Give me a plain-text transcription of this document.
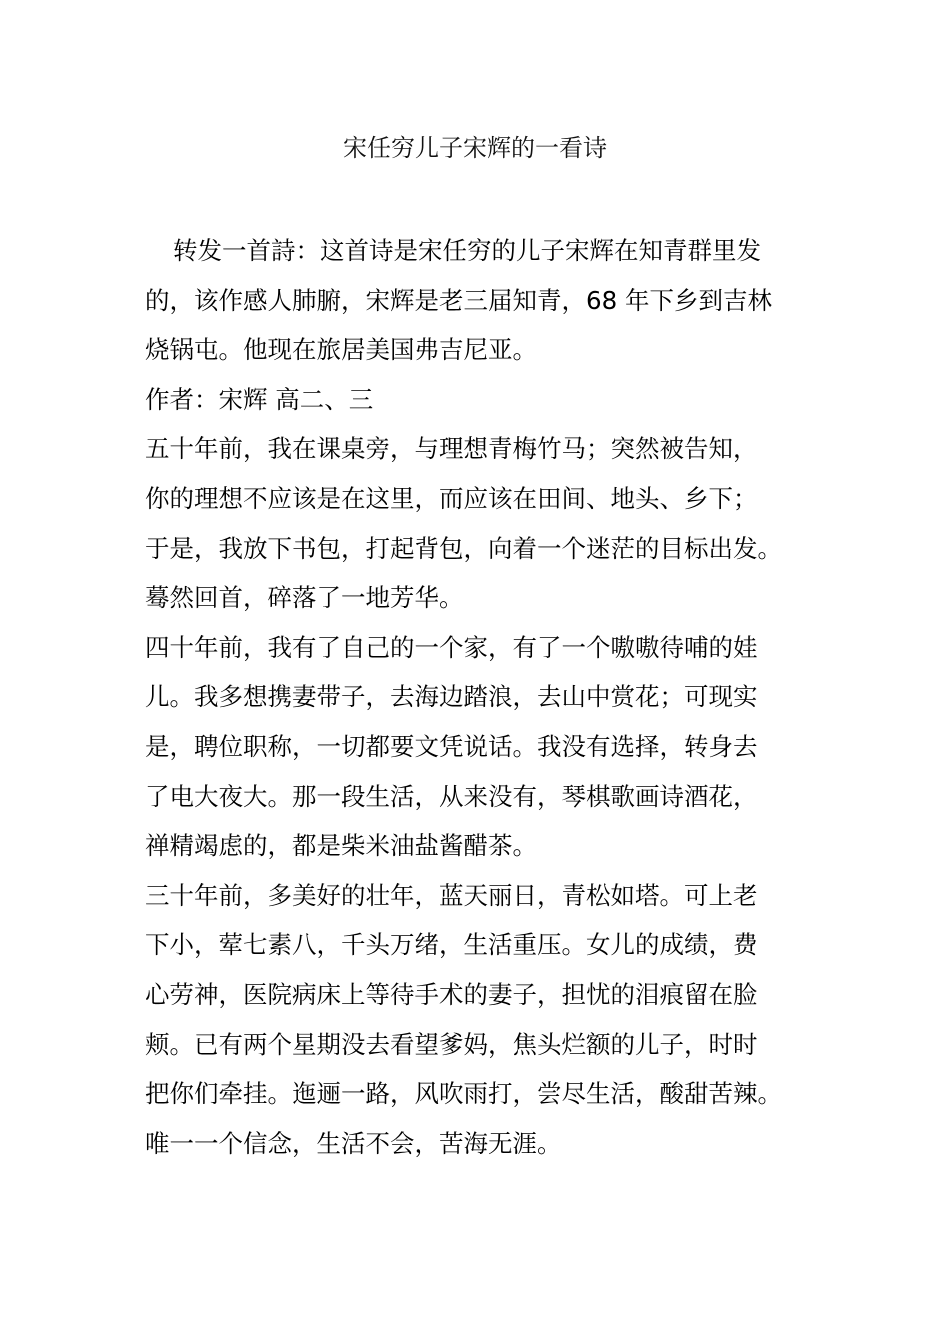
宋任穷儿子宋辉的一看诗
转发一首詩：这首诗是宋任穷的儿子宋辉在知青群里发
的，该作感人肺腑，宋辉是老三届知青，68 年下乡到吉林
烧锅屯。他现在旅居美国弗吉尼亚。
作者：宋辉 高二、三
五十年前，我在课桌旁，与理想青梅竹马；突然被告知，
你的理想不应该是在这里，而应该在田间、地头、乡下；
于是，我放下书包，打起背包，向着一个迷茫的目标出发。
蓦然回首，碎落了一地芳华。
四十年前，我有了自己的一个家，有了一个嗷嗷待哺的娃
儿。我多想携妻带子，去海边踏浪，去山中赏花；可现实
是，聘位职称，一切都要文凭说话。我没有选择，转身去
了电大夜大。那一段生活，从来没有，琴棋歌画诗酒花，
禅精竭虑的，都是柴米油盐酱醋茶。
三十年前，多美好的壮年，蓝天丽日，青松如塔。可上老
下小，荤七素八，千头万绪，生活重压。女儿的成绩，费
心劳神，医院病床上等待手术的妻子，担忧的泪痕留在脸
颊。已有两个星期没去看望爹妈，焦头烂额的儿子，时时
把你们牵挂。迤逦一路，风吹雨打，尝尽生活，酸甜苦辣。
唯一一个信念，生活不会，苦海无涯。
